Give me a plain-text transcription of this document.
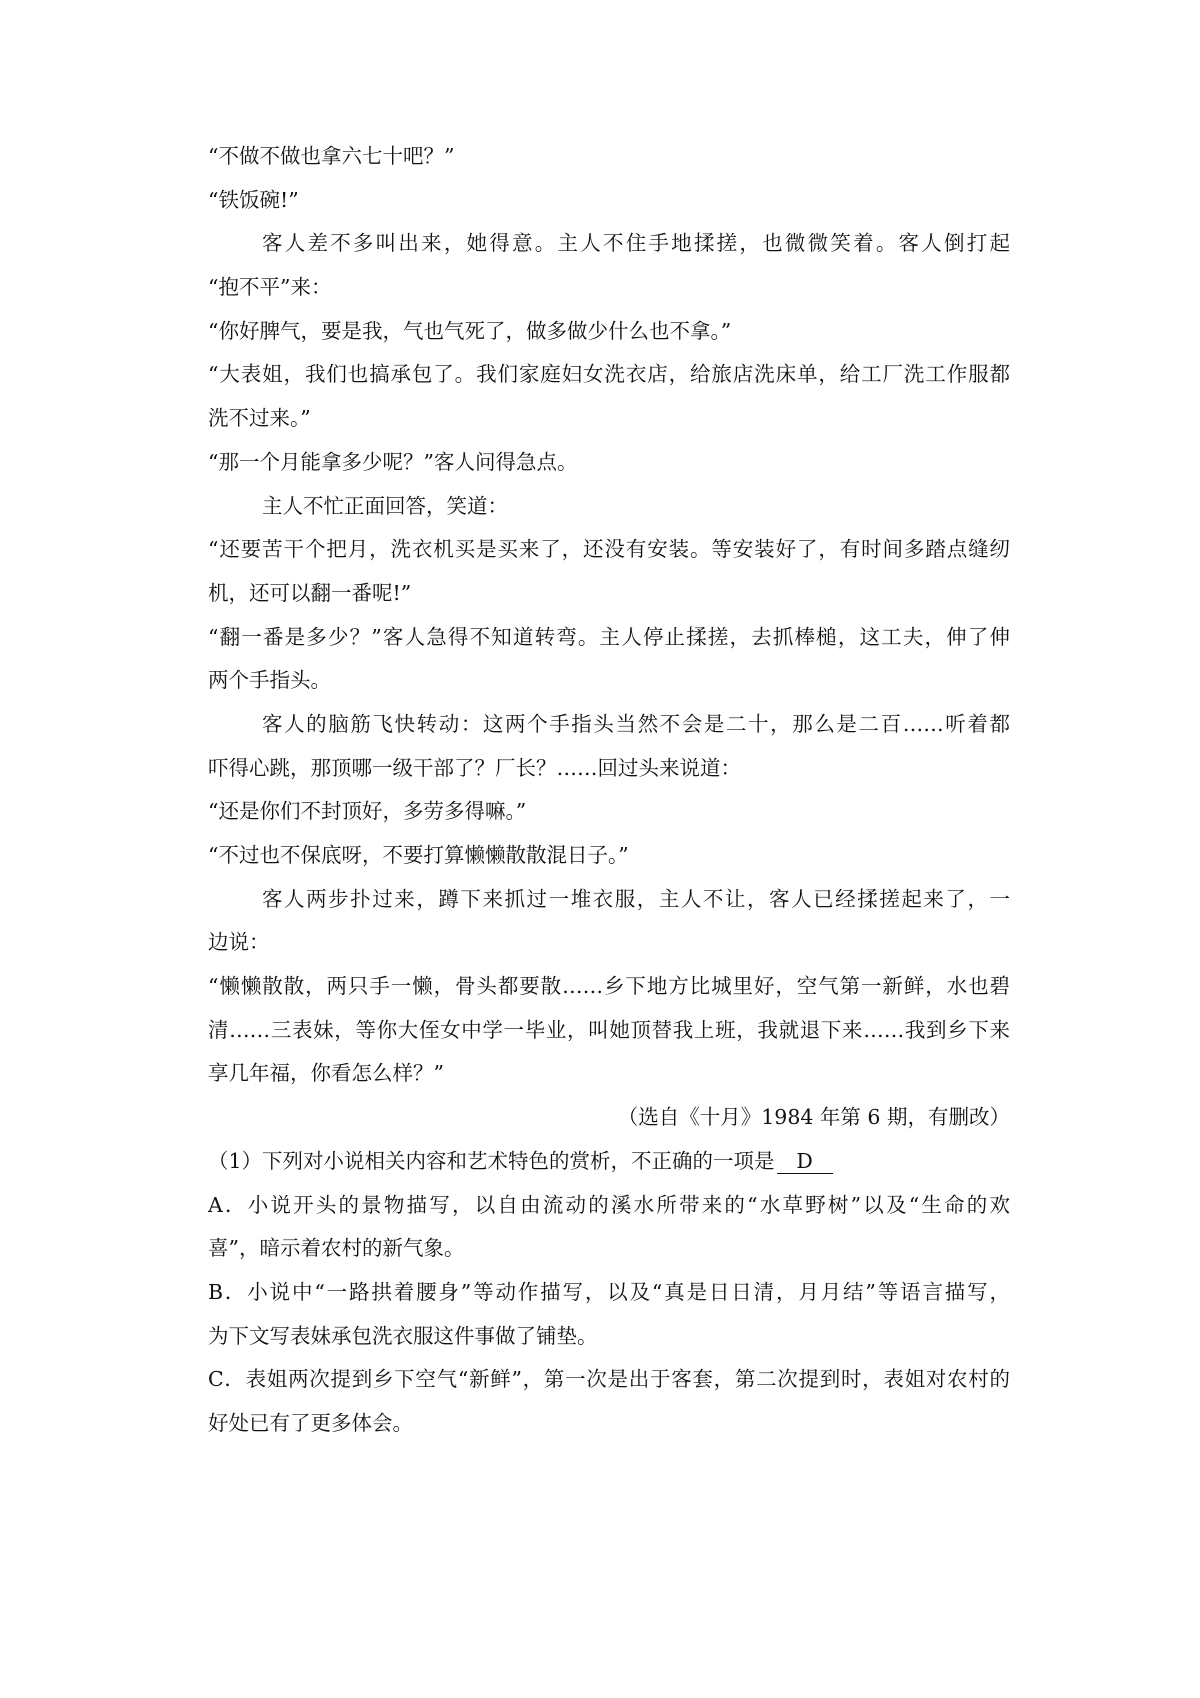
“不做不做也拿六七十吧？”
“铁饭碗!”
客人差不多叫出来，她得意。主人不住手地揉搓，也微微笑着。客人倒打起
“抱不平”来：
“你好脾气，要是我，气也气死了，做多做少什么也不拿。”
“大表姐，我们也搞承包了。我们家庭妇女洗衣店，给旅店洗床单，给工厂洗工作服都
洗不过来。”
“那一个月能拿多少呢？”客人问得急点。
主人不忙正面回答，笑道：
“还要苦干个把月，洗衣机买是买来了，还没有安装。等安装好了，有时间多踏点缝纫
机，还可以翻一番呢!”
“翻一番是多少？”客人急得不知道转弯。主人停止揉搓，去抓棒槌，这工夫，伸了伸
两个手指头。
客人的脑筋飞快转动：这两个手指头当然不会是二十，那么是二百……听着都
吓得心跳，那顶哪一级干部了？厂长？……回过头来说道：
“还是你们不封顶好，多劳多得嘛。”
“不过也不保底呀，不要打算懒懒散散混日子。”
客人两步扑过来，蹲下来抓过一堆衣服，主人不让，客人已经揉搓起来了，一
边说：
“懒懒散散，两只手一懒，骨头都要散……乡下地方比城里好，空气第一新鲜，水也碧
清……三表妹，等你大侄女中学一毕业，叫她顶替我上班，我就退下来……我到乡下来
享几年福，你看怎么样？”
（选自《十月》1984 年第 6 期，有删改）
（1）下列对小说相关内容和艺术特色的赏析，不正确的一项是 D
A．小说开头的景物描写，以自由流动的溪水所带来的“水草野树”以及“生命的欢
喜”，暗示着农村的新气象。
B．小说中“一路拱着腰身”等动作描写，以及“真是日日清，月月结”等语言描写，
为下文写表妹承包洗衣服这件事做了铺垫。
C．表姐两次提到乡下空气“新鲜”，第一次是出于客套，第二次提到时，表姐对农村的
好处已有了更多体会。
